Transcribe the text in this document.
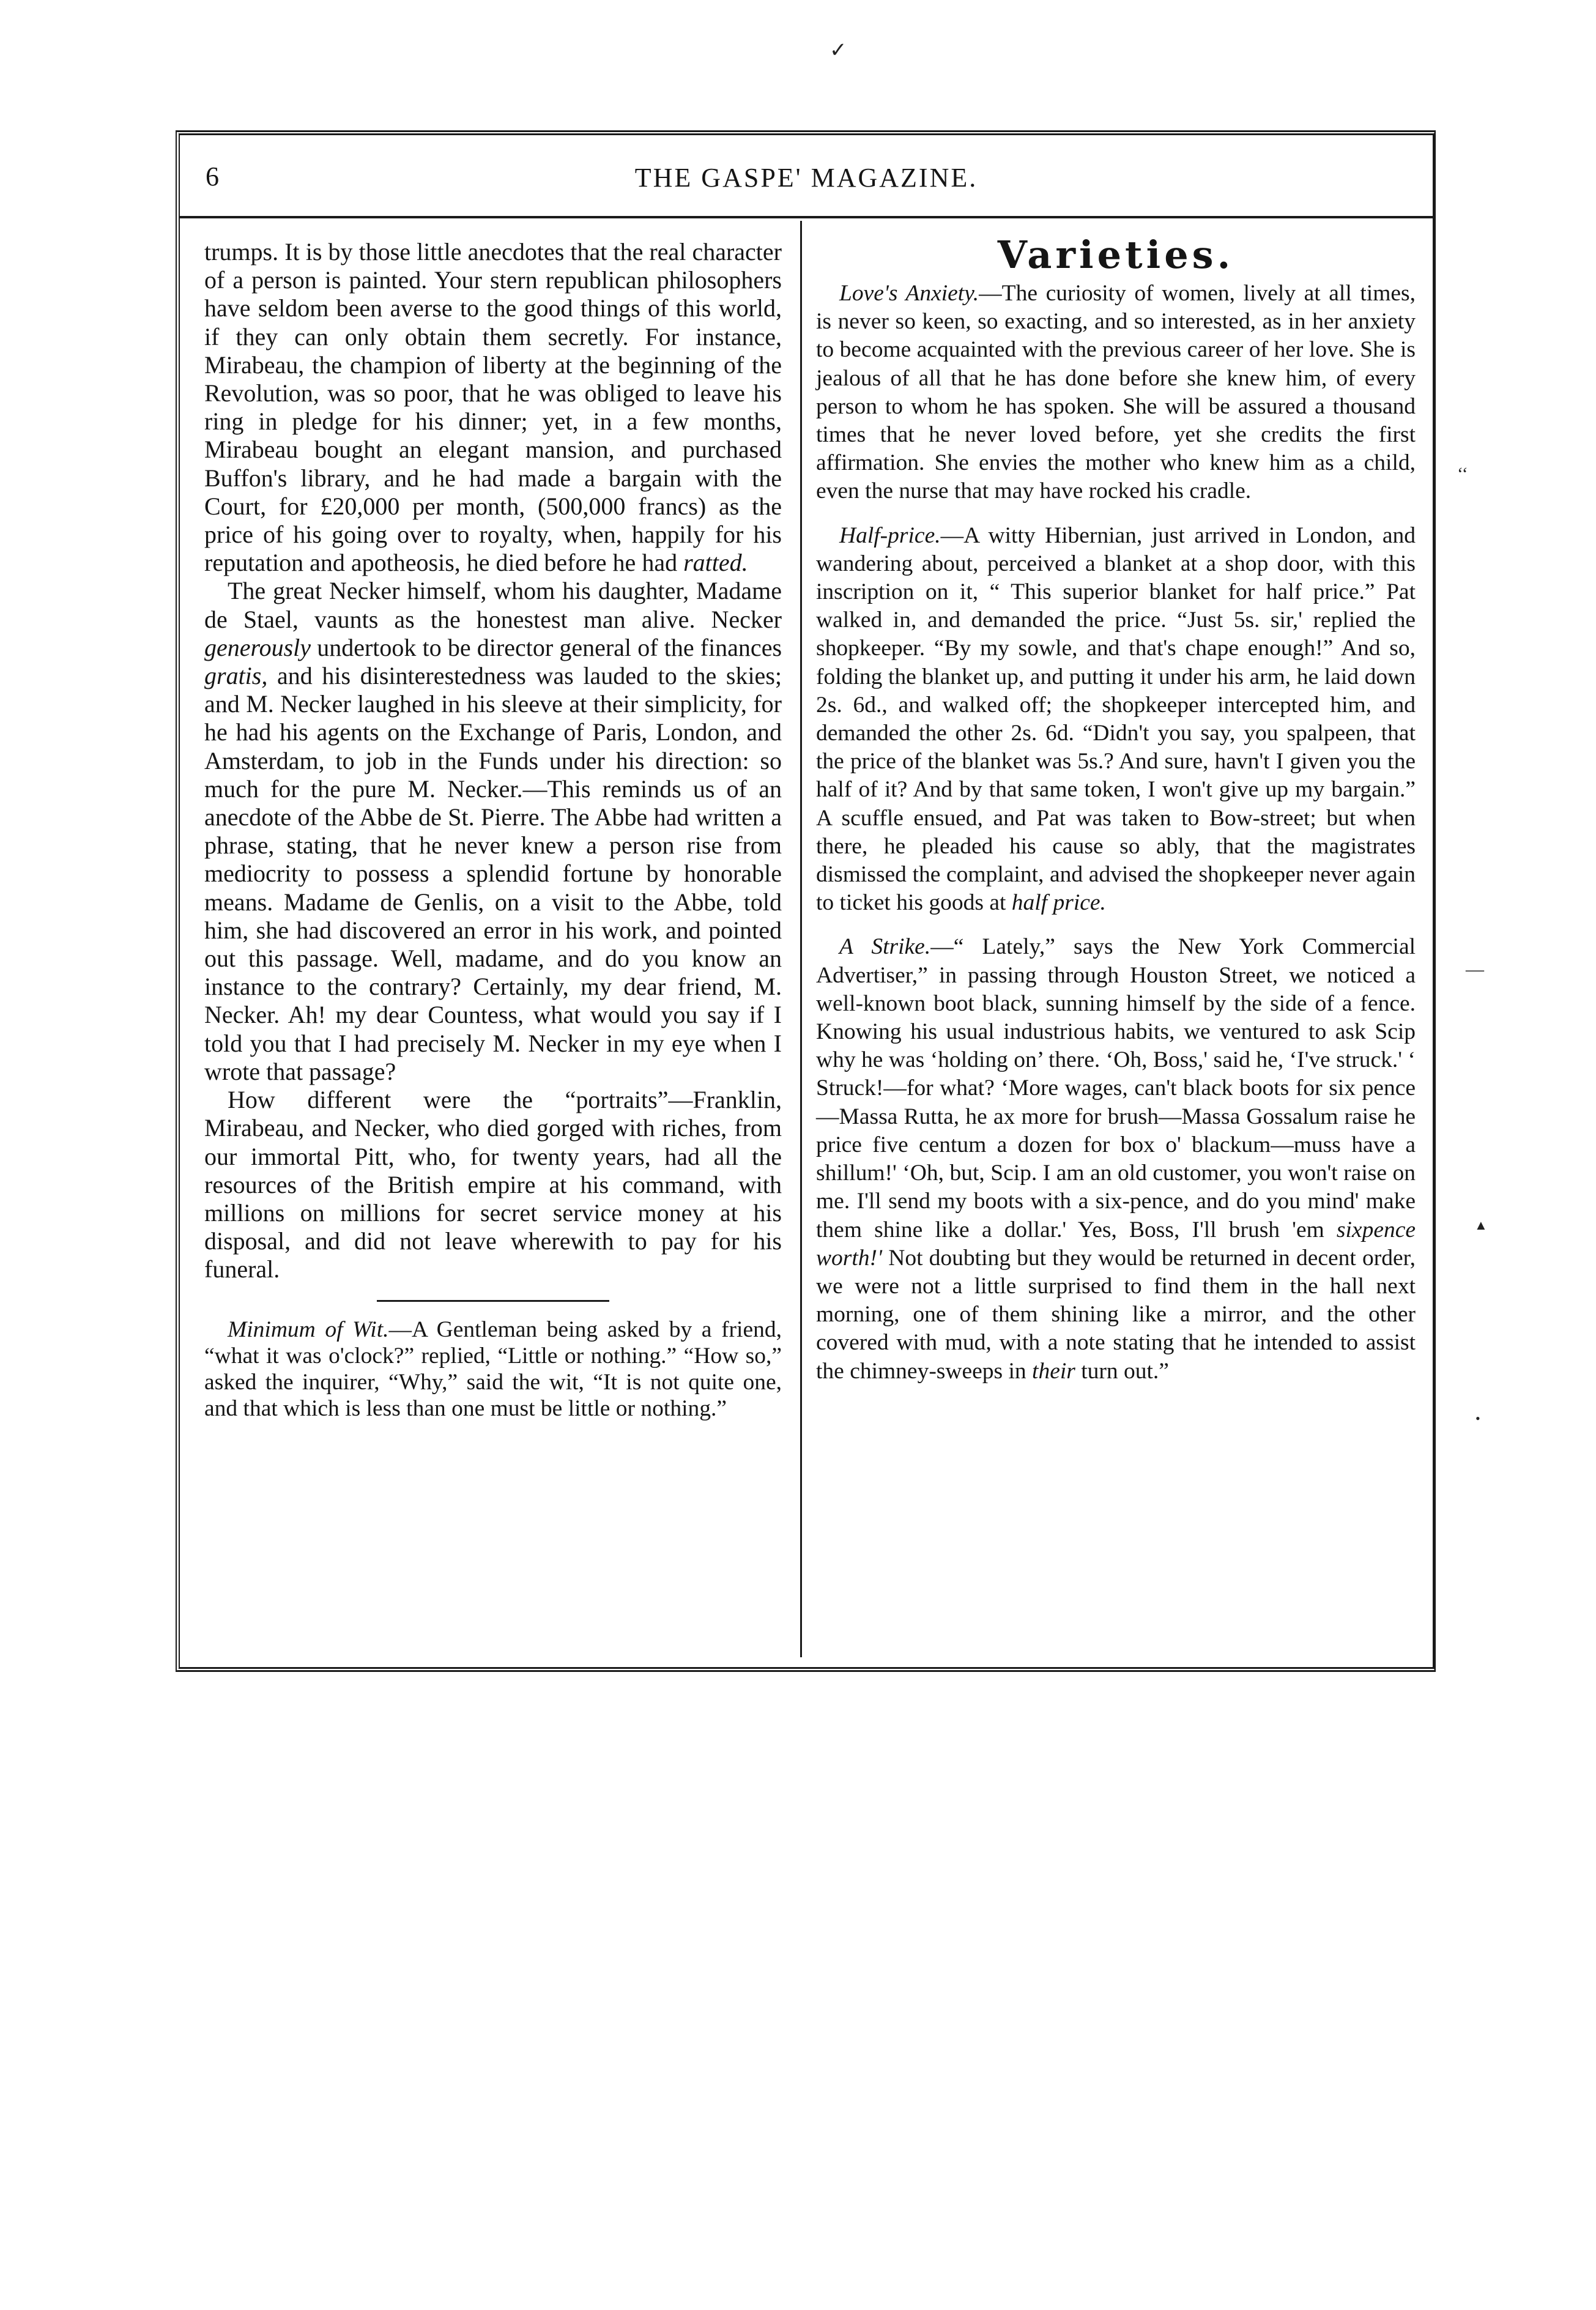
✓
‘‘
—
▲
•
6	THE GASPE' MAGAZINE.

trumps. It is by those little anecdotes that the real character of a person is painted. Your stern republican philosophers have seldom been averse to the good things of this world, if they can only obtain them secretly. For instance, Mirabeau, the champion of liberty at the beginning of the Revolution, was so poor, that he was obliged to leave his ring in pledge for his dinner; yet, in a few months, Mirabeau bought an elegant mansion, and purchased Buffon's library, and he had made a bargain with the Court, for £20,000 per month, (500,000 francs) as the price of his going over to royalty, when, happily for his reputation and apotheosis, he died before he had ratted.

The great Necker himself, whom his daughter, Madame de Stael, vaunts as the honestest man alive. Necker generously undertook to be director general of the finances gratis, and his disinterestedness was lauded to the skies; and M. Necker laughed in his sleeve at their simplicity, for he had his agents on the Exchange of Paris, London, and Amsterdam, to job in the Funds under his direction: so much for the pure M. Necker.—This reminds us of an anecdote of the Abbe de St. Pierre. The Abbe had written a phrase, stating, that he never knew a person rise from mediocrity to possess a splendid fortune by honorable means. Madame de Genlis, on a visit to the Abbe, told him, she had discovered an error in his work, and pointed out this passage. Well, madame, and do you know an instance to the contrary? Certainly, my dear friend, M. Necker. Ah! my dear Countess, what would you say if I told you that I had precisely M. Necker in my eye when I wrote that passage?

How different were the “portraits”—Franklin, Mirabeau, and Necker, who died gorged with riches, from our immortal Pitt, who, for twenty years, had all the resources of the British empire at his command, with millions on millions for secret service money at his disposal, and did not leave wherewith to pay for his funeral.

Minimum of Wit.—A Gentleman being asked by a friend, “what it was o'clock?” replied, “Little or nothing.” “How so,” asked the inquirer, “Why,” said the wit, “It is not quite one, and that which is less than one must be little or nothing.”

Varieties.

Love's Anxiety.—The curiosity of women, lively at all times, is never so keen, so exacting, and so interested, as in her anxiety to become acquainted with the previous career of her love. She is jealous of all that he has done before she knew him, of every person to whom he has spoken. She will be assured a thousand times that he never loved before, yet she credits the first affirmation. She envies the mother who knew him as a child, even the nurse that may have rocked his cradle.

Half-price.—A witty Hibernian, just arrived in London, and wandering about, perceived a blanket at a shop door, with this inscription on it, “ This superior blanket for half price.” Pat walked in, and demanded the price. “Just 5s. sir,' replied the shopkeeper. “By my sowle, and that's chape enough!” And so, folding the blanket up, and putting it under his arm, he laid down 2s. 6d., and walked off; the shopkeeper intercepted him, and demanded the other 2s. 6d. “Didn't you say, you spalpeen, that the price of the blanket was 5s.? And sure, havn't I given you the half of it? And by that same token, I won't give up my bargain.” A scuffle ensued, and Pat was taken to Bow-street; but when there, he pleaded his cause so ably, that the magistrates dismissed the complaint, and advised the shopkeeper never again to ticket his goods at half price.

A Strike.—“ Lately,” says the New York Commercial Advertiser,” in passing through Houston Street, we noticed a well-known boot black, sunning himself by the side of a fence. Knowing his usual industrious habits, we ventured to ask Scip why he was ‘holding on’ there. ‘Oh, Boss,' said he, ‘I've struck.' ‘ Struck!—for what? ‘More wages, can't black boots for six pence—Massa Rutta, he ax more for brush—Massa Gossalum raise he price five centum a dozen for box o' blackum—muss have a shillum!' ‘Oh, but, Scip. I am an old customer, you won't raise on me. I'll send my boots with a six-pence, and do you mind' make them shine like a dollar.' Yes, Boss, I'll brush 'em sixpence worth!' Not doubting but they would be returned in decent order, we were not a little surprised to find them in the hall next morning, one of them shining like a mirror, and the other covered with mud, with a note stating that he intended to assist the chimney-sweeps in their turn out.”
